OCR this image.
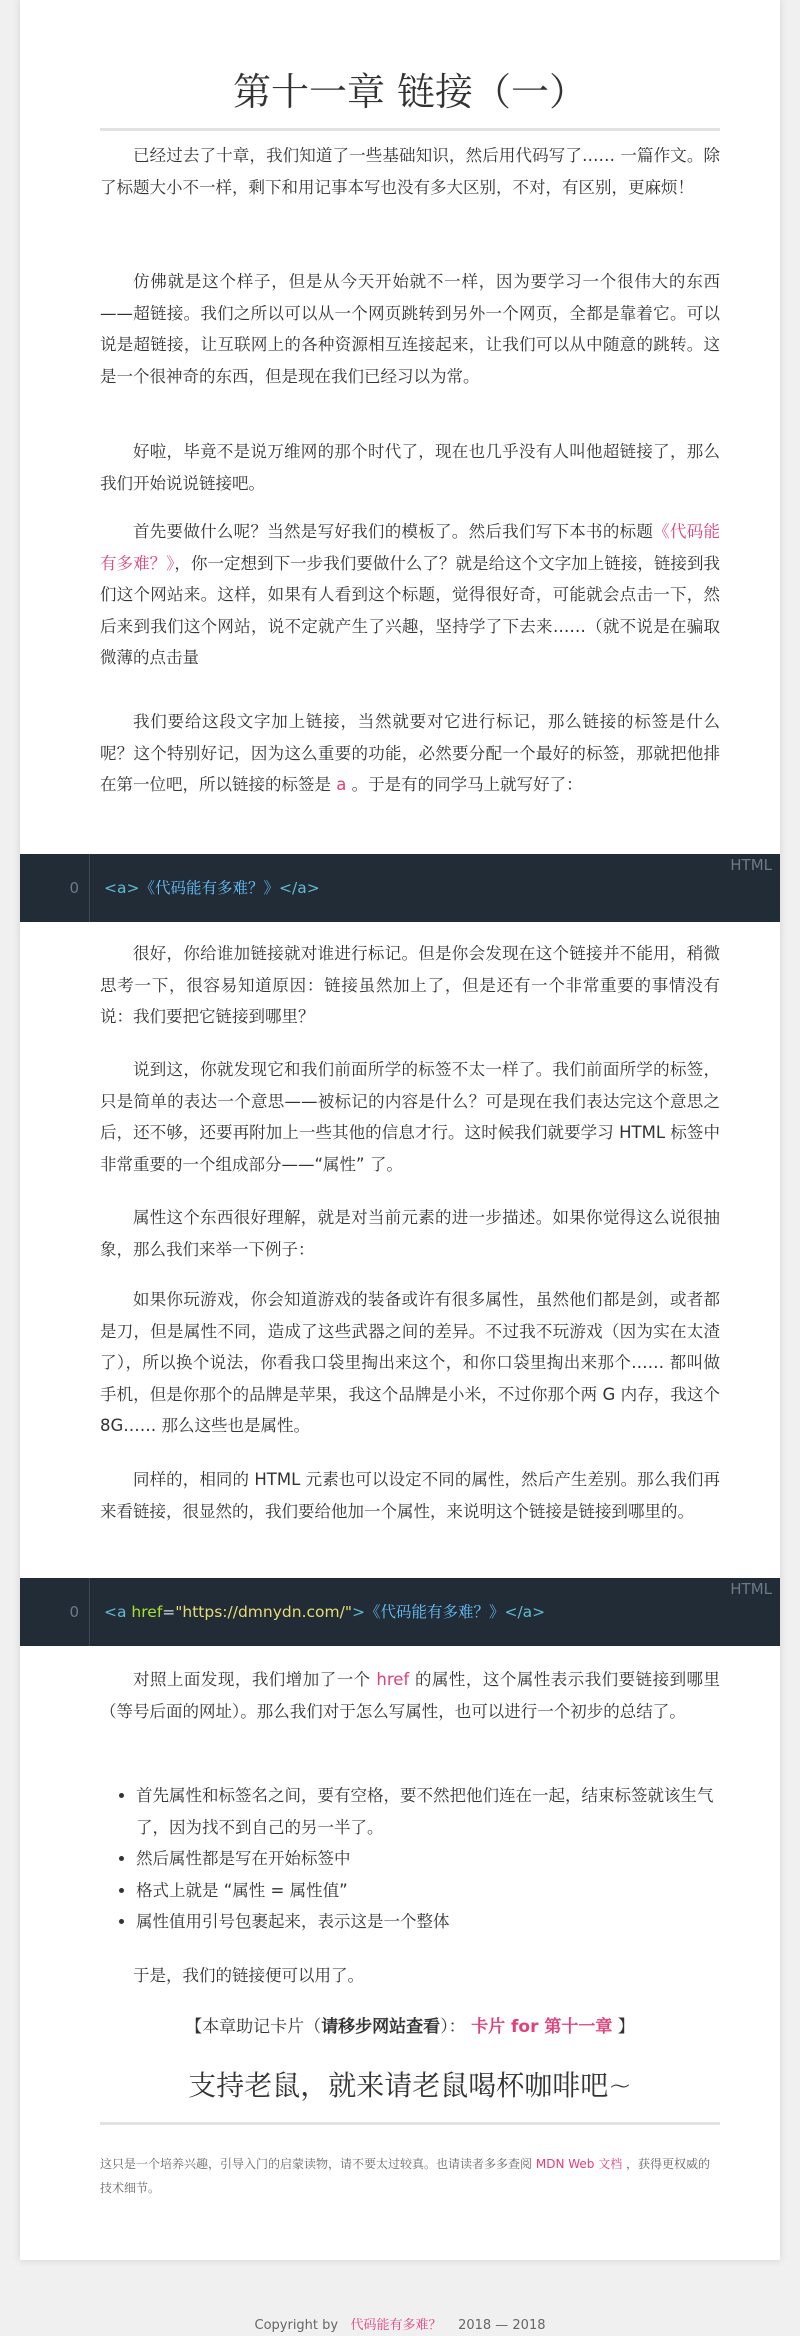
第十一章 链接（一）

已经过去了十章，我们知道了一些基础知识，然后用代码写了…… 一篇作文。除了标题大小不一样，剩下和用记事本写也没有多大区别，不对，有区别，更麻烦！

仿佛就是这个样子，但是从今天开始就不一样，因为要学习一个很伟大的东西——超链接。我们之所以可以从一个网页跳转到另外一个网页，全都是靠着它。可以说是超链接，让互联网上的各种资源相互连接起来，让我们可以从中随意的跳转。这是一个很神奇的东西，但是现在我们已经习以为常。

好啦，毕竟不是说万维网的那个时代了，现在也几乎没有人叫他超链接了，那么我们开始说说链接吧。

首先要做什么呢？当然是写好我们的模板了。然后我们写下本书的标题《代码能有多难？》，你一定想到下一步我们要做什么了？就是给这个文字加上链接，链接到我们这个网站来。这样，如果有人看到这个标题，觉得很好奇，可能就会点击一下，然后来到我们这个网站，说不定就产生了兴趣，坚持学了下去来……（就不说是在骗取微薄的点击量

我们要给这段文字加上链接，当然就要对它进行标记，那么链接的标签是什么呢？这个特别好记，因为这么重要的功能，必然要分配一个最好的标签，那就把他排在第一位吧，所以链接的标签是 a 。于是有的同学马上就写好了：

0	<a>《代码能有多难？》</a>
HTML

很好，你给谁加链接就对谁进行标记。但是你会发现在这个链接并不能用，稍微思考一下，很容易知道原因：链接虽然加上了，但是还有一个非常重要的事情没有说：我们要把它链接到哪里？

说到这，你就发现它和我们前面所学的标签不太一样了。我们前面所学的标签，只是简单的表达一个意思——被标记的内容是什么？可是现在我们表达完这个意思之后，还不够，还要再附加上一些其他的信息才行。这时候我们就要学习 HTML 标签中非常重要的一个组成部分——“属性” 了。

属性这个东西很好理解，就是对当前元素的进一步描述。如果你觉得这么说很抽象，那么我们来举一下例子：

如果你玩游戏，你会知道游戏的装备或许有很多属性，虽然他们都是剑，或者都是刀，但是属性不同，造成了这些武器之间的差异。不过我不玩游戏（因为实在太渣了），所以换个说法，你看我口袋里掏出来这个，和你口袋里掏出来那个…… 都叫做手机，但是你那个的品牌是苹果，我这个品牌是小米，不过你那个两 G 内存，我这个 8G…… 那么这些也是属性。

同样的，相同的 HTML 元素也可以设定不同的属性，然后产生差别。那么我们再来看链接，很显然的，我们要给他加一个属性，来说明这个链接是链接到哪里的。

0	<a href="https://dmnydn.com/">《代码能有多难？》</a>
HTML

对照上面发现，我们增加了一个 href 的属性，这个属性表示我们要链接到哪里（等号后面的网址）。那么我们对于怎么写属性，也可以进行一个初步的总结了。

• 首先属性和标签名之间，要有空格，要不然把他们连在一起，结束标签就该生气了，因为找不到自己的另一半了。
• 然后属性都是写在开始标签中
• 格式上就是 “属性 = 属性值”
• 属性值用引号包裹起来，表示这是一个整体

于是，我们的链接便可以用了。

【本章助记卡片（请移步网站查看）： 卡片 for 第十一章 】
支持老鼠，就来请老鼠喝杯咖啡吧~
这只是一个培养兴趣，引导入门的启蒙读物，请不要太过较真。也请读者多多查阅 MDN Web 文档 ，获得更权威的技术细节。
Copyright by 代码能有多难？ 2018 — 2018
